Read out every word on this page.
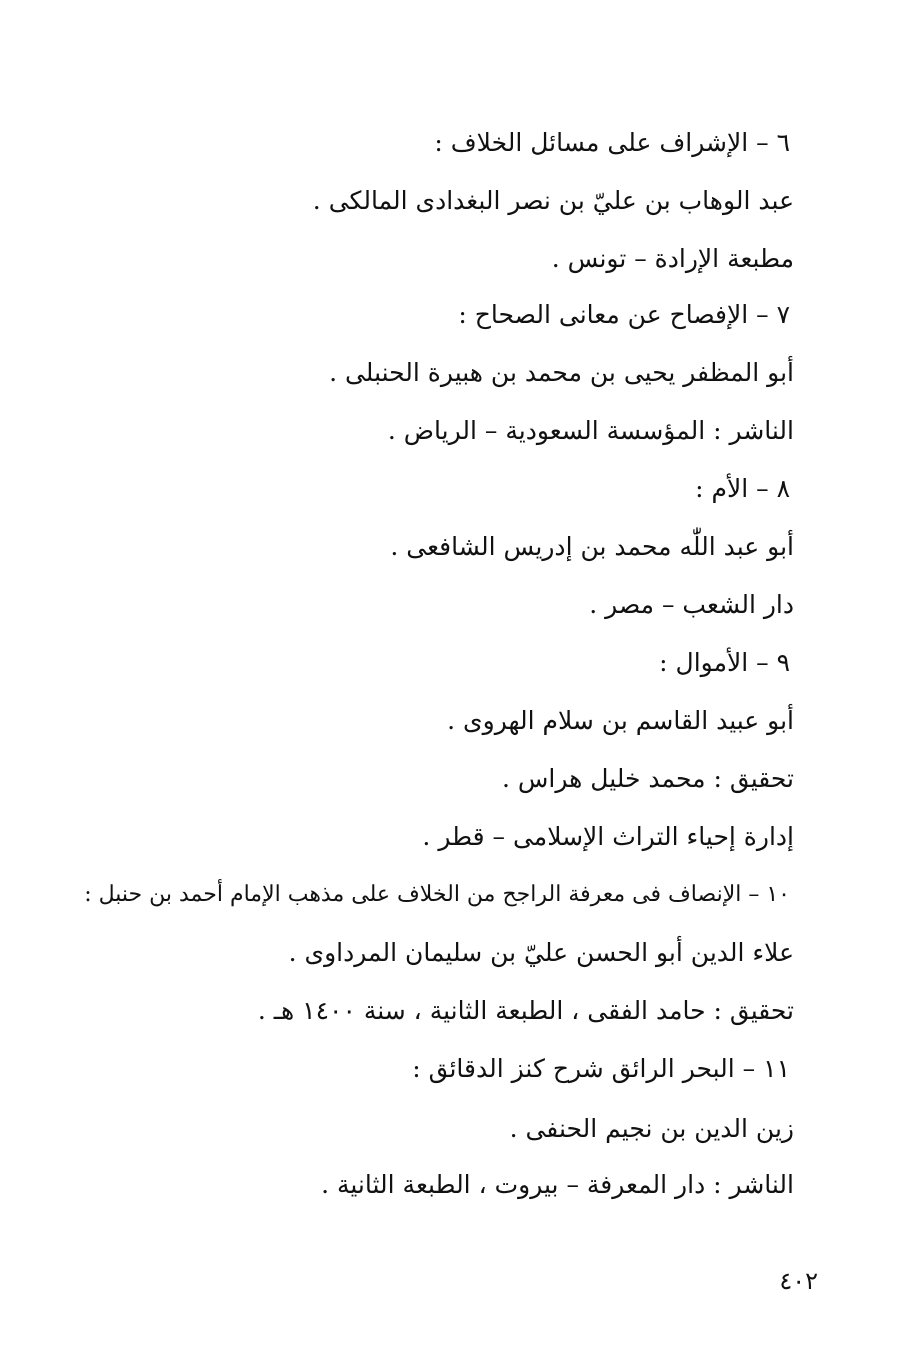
٦ – الإشراف على مسائل الخلاف :
عبد الوهاب بن عليّ بن نصر البغدادى المالكى .
مطبعة الإرادة – تونس .
٧ – الإفصاح عن معانى الصحاح :
أبو المظفر يحيى بن محمد بن هبيرة الحنبلى .
الناشر : المؤسسة السعودية – الرياض .
٨ – الأم :
أبو عبد اللّٰه محمد بن إدريس الشافعى .
دار الشعب – مصر .
٩ – الأموال :
أبو عبيد القاسم بن سلام الهروى .
تحقيق : محمد خليل هراس .
إدارة إحياء التراث الإسلامى – قطر .
١٠ – الإنصاف فى معرفة الراجح من الخلاف على مذهب الإمام أحمد بن حنبل :
علاء الدين أبو الحسن عليّ بن سليمان المرداوى .
تحقيق : حامد الفقى ، الطبعة الثانية ، سنة ١٤٠٠ هـ .
١١ – البحر الرائق شرح كنز الدقائق :
زين الدين بن نجيم الحنفى .
الناشر : دار المعرفة – بيروت ، الطبعة الثانية .
٤٠٢
